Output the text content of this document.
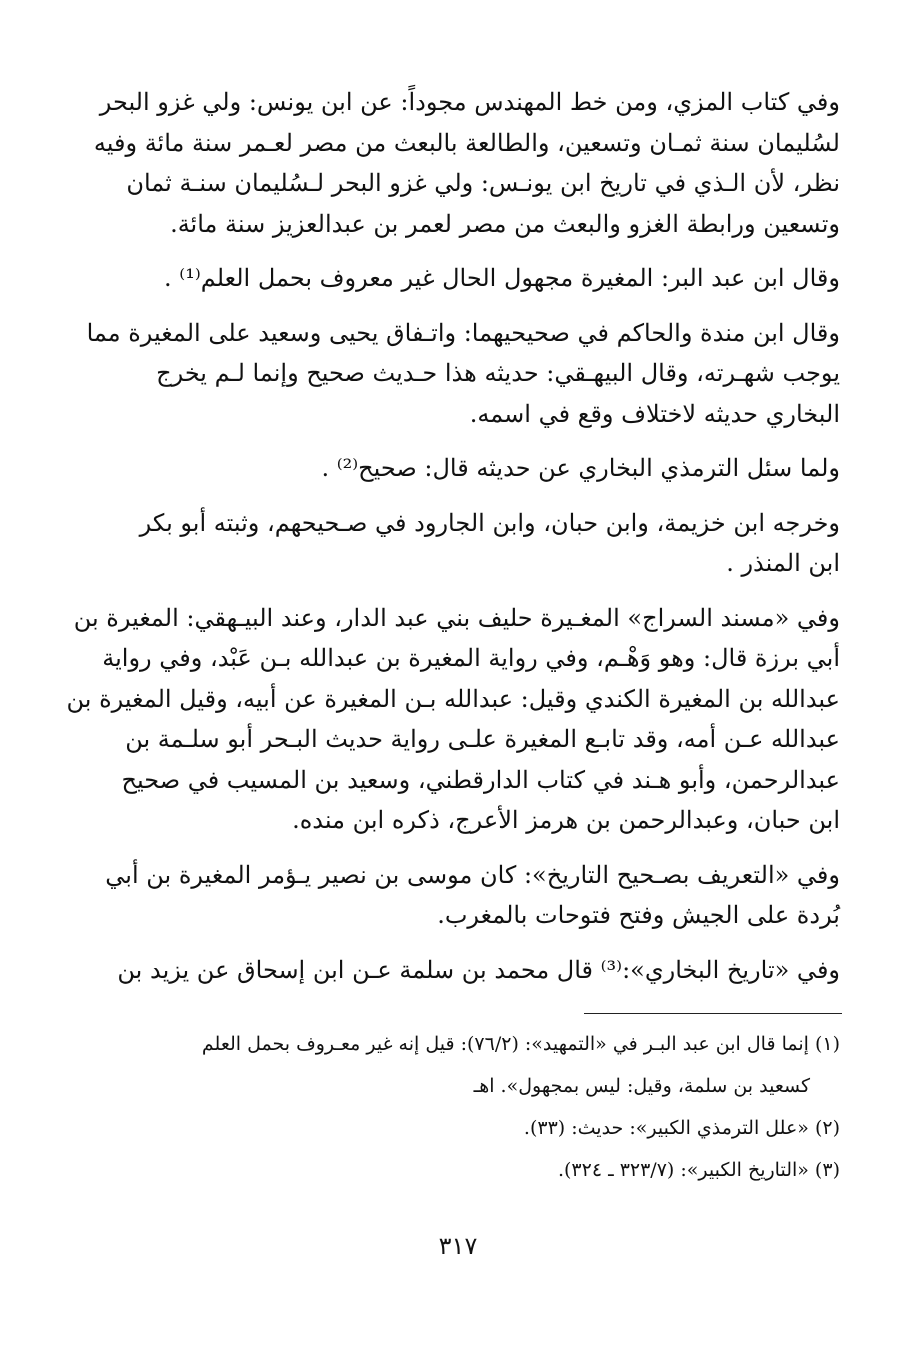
وفي كتاب المزي، ومن خط المهندس مجوداً: عن ابن يونس: ولي غزو البحر
لسُليمان سنة ثمـان وتسعين، والطالعة بالبعث من مصر لعـمر سنة مائة وفيه
نظر، لأن الـذي في تاريخ ابن يونـس: ولي غزو البحر لـسُليمان سنـة ثمان
وتسعين ورابطة الغزو والبعث من مصر لعمر بن عبدالعزيز سنة مائة.
وقال ابن عبد البر: المغيرة مجهول الحال غير معروف بحمل العلم⁽¹⁾ .
وقال ابن مندة والحاكم في صحيحيهما: واتـفاق يحيى وسعيد على المغيرة مما
يوجب شهـرته، وقال البيهـقي: حديثه هذا حـديث صحيح وإنما لـم يخرج
البخاري حديثه لاختلاف وقع في اسمه.
ولما سئل الترمذي البخاري عن حديثه قال: صحيح⁽²⁾ .
وخرجه ابن خزيمة، وابن حبان، وابن الجارود في صـحيحهم، وثبته أبو بكر
ابن المنذر .
وفي «مسند السراج» المغـيرة حليف بني عبد الدار، وعند البيـهقي: المغيرة بن
أبي برزة قال: وهو وَهْـم، وفي رواية المغيرة بن عبدالله بـن عَبْد، وفي رواية
عبدالله بن المغيرة الكندي وقيل: عبدالله بـن المغيرة عن أبيه، وقيل المغيرة بن
عبدالله عـن أمه، وقد تابـع المغيرة علـى رواية حديث البـحر أبو سلـمة بن
عبدالرحمن، وأبو هـند في كتاب الدارقطني، وسعيد بن المسيب في صحيح
ابن حبان، وعبدالرحمن بن هرمز الأعرج، ذكره ابن منده.
وفي «التعريف بصـحيح التاريخ»: كان موسى بن نصير يـؤمر المغيرة بن أبي
بُردة على الجيش وفتح فتوحات بالمغرب.
وفي «تاريخ البخاري»:⁽³⁾ قال محمد بن سلمة عـن ابن إسحاق عن يزيد بن
(١) إنما قال ابن عبد البـر في «التمهيد»: (٧٦/٢): قيل إنه غير معـروف بحمل العلم
كسعيد بن سلمة، وقيل: ليس بمجهول». اهـ
(٢) «علل الترمذي الكبير»: حديث: (٣٣).
(٣) «التاريخ الكبير»: (٣٢٣/٧ ـ ٣٢٤).
٣١٧
